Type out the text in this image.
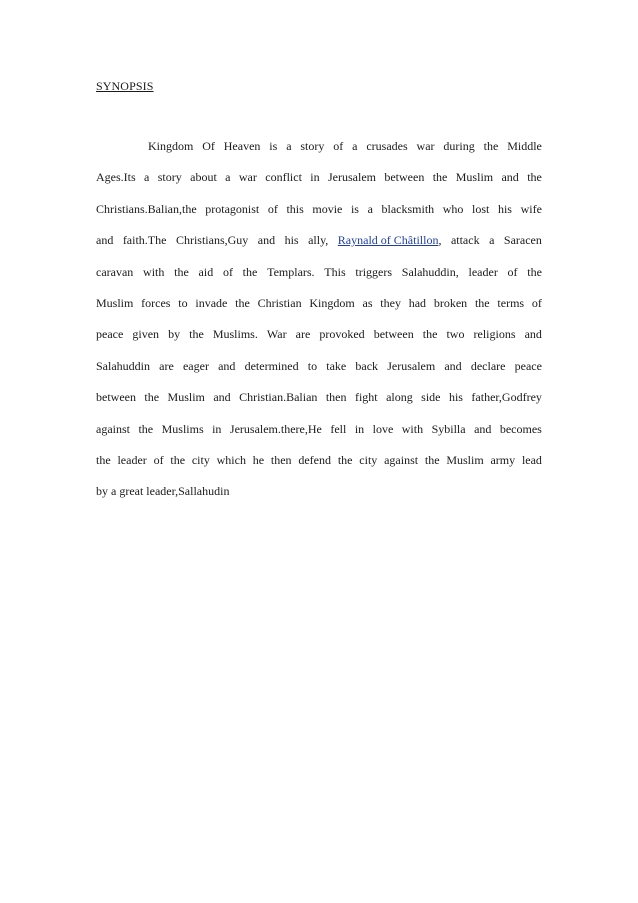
SYNOPSIS
Kingdom Of Heaven is a story of a crusades war during the Middle
Ages.Its a story about a war conflict in Jerusalem between the Muslim and the
Christians.Balian,the protagonist of this movie is a blacksmith who lost his wife
and faith.The Christians,Guy and his ally, Raynald of Châtillon, attack a Saracen
caravan with the aid of the Templars. This triggers Salahuddin, leader of the
Muslim forces to invade the Christian Kingdom as they had broken the terms of
peace given by the Muslims. War are provoked between the two religions and
Salahuddin are eager and determined to take back Jerusalem and declare peace
between the Muslim and Christian.Balian then fight along side his father,Godfrey
against the Muslims in Jerusalem.there,He fell in love with Sybilla and becomes
the leader of the city which he then defend the city against the Muslim army lead
by a great leader,Sallahudin
